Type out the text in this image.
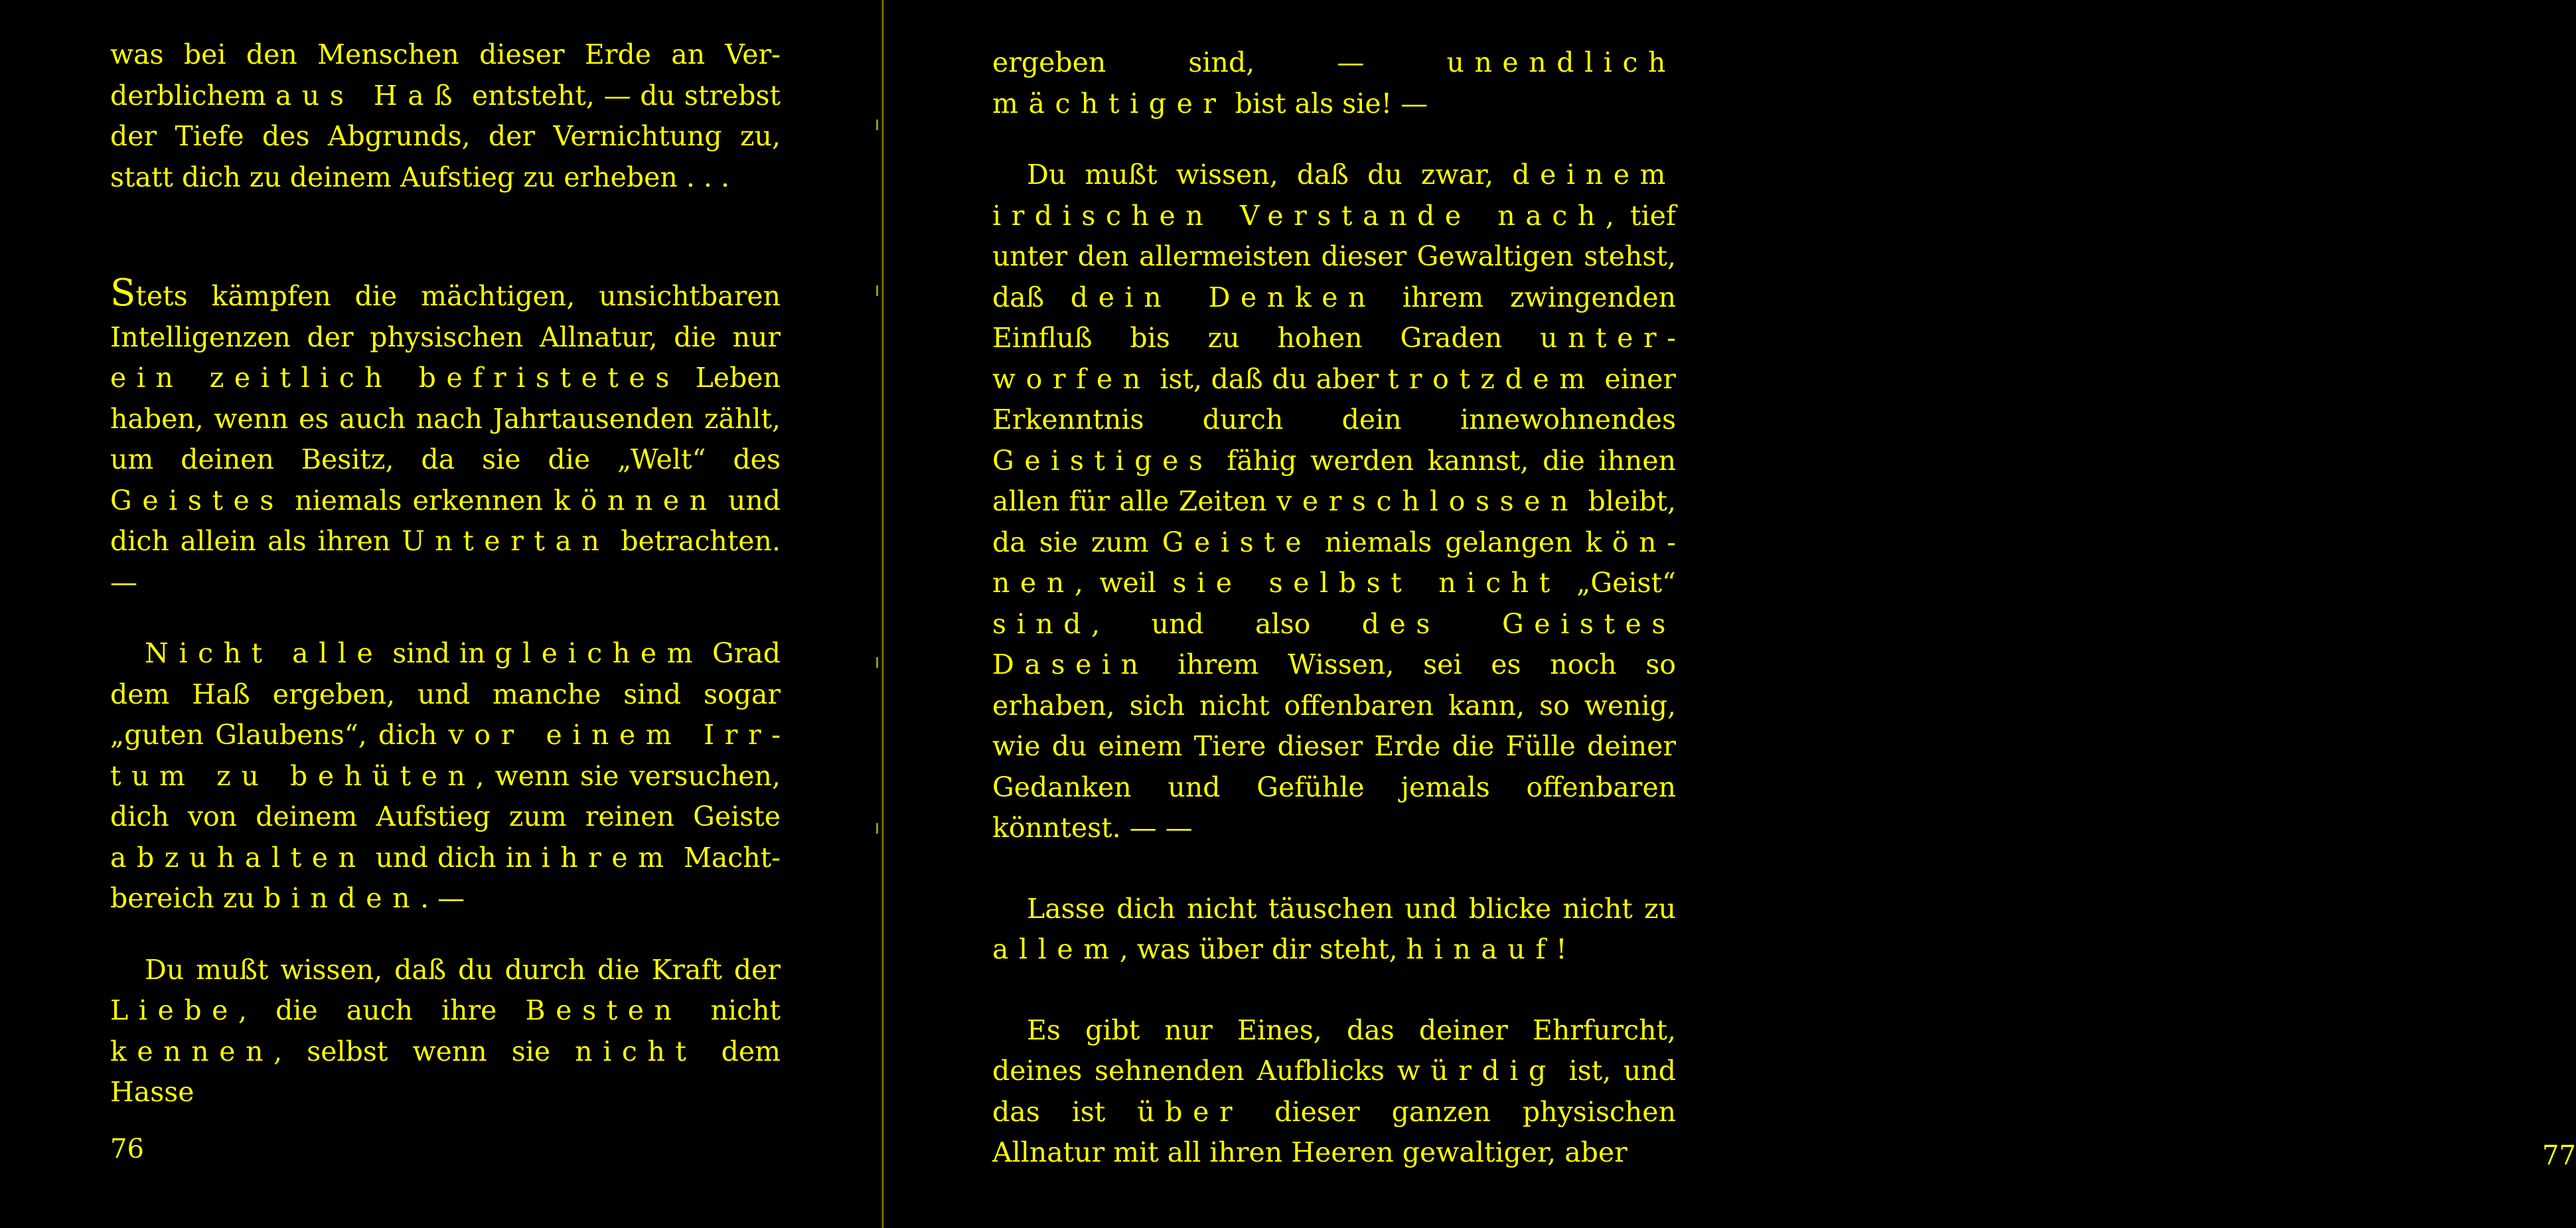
was bei den Menschen dieser Erde an Verderblichem aus Haß entsteht, — du strebst der Tiefe des Abgrunds, der Vernichtung zu, statt dich zu deinem Aufstieg zu erheben . . .

Stets kämpfen die mächtigen, unsichtbaren Intelligenzen der physischen Allnatur, die nur ein zeitlich befristetes Leben haben, wenn es auch nach Jahrtausenden zählt, um deinen Besitz, da sie die „Welt“ des Geistes niemals erkennen können und dich allein als ihren Untertan betrachten. —

Nicht alle sind in gleichem Grad dem Haß ergeben, und manche sind sogar „guten Glaubens“, dich vor einem Irrtum zu behüten, wenn sie versuchen, dich von deinem Aufstieg zum reinen Geiste abzuhalten und dich in ihrem Machtbereich zu binden. —

Du mußt wissen, daß du durch die Kraft der Liebe, die auch ihre Besten nicht kennen, selbst wenn sie nicht dem Hasse

76

ergeben sind, — unendlich mächtiger bist als sie! —

Du mußt wissen, daß du zwar, deinem irdischen Verstande nach, tief unter den allermeisten dieser Gewaltigen stehst, daß dein Denken ihrem zwingenden Einfluß bis zu hohen Graden unterworfen ist, daß du aber trotzdem einer Erkenntnis durch dein innewohnendes Geistiges fähig werden kannst, die ihnen allen für alle Zeiten verschlossen bleibt, da sie zum Geiste niemals gelangen können, weil sie selbst nicht „Geist“ sind, und also des Geistes Dasein ihrem Wissen, sei es noch so erhaben, sich nicht offenbaren kann, so wenig, wie du einem Tiere dieser Erde die Fülle deiner Gedanken und Gefühle jemals offenbaren könntest. — —

Lasse dich nicht täuschen und blicke nicht zu allem, was über dir steht, hinauf!

Es gibt nur Eines, das deiner Ehrfurcht, deines sehnenden Aufblicks würdig ist, und das ist über dieser ganzen physischen Allnatur mit all ihren Heeren gewaltiger, aber	77
